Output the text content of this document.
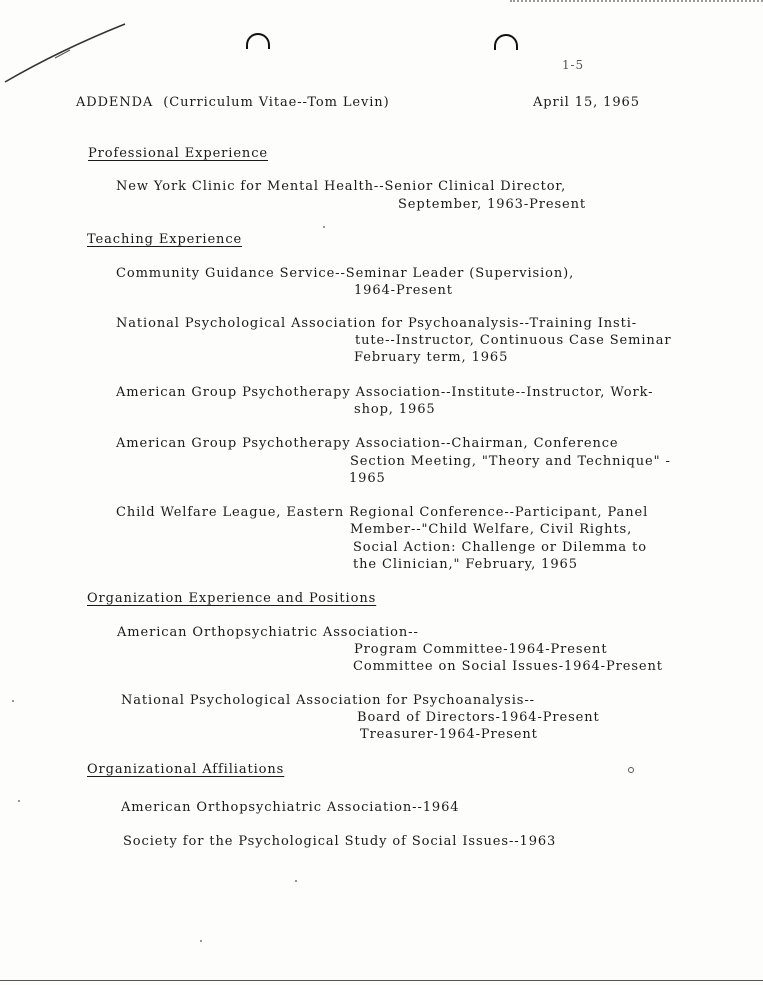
1-5
ADDENDA (Curriculum Vitae--Tom Levin)	April 15, 1965
Professional Experience
New York Clinic for Mental Health--Senior Clinical Director,
September, 1963-Present
Teaching Experience
Community Guidance Service--Seminar Leader (Supervision),
1964-Present
National Psychological Association for Psychoanalysis--Training Insti-
tute--Instructor, Continuous Case Seminar
February term, 1965
American Group Psychotherapy Association--Institute--Instructor, Work-
shop, 1965
American Group Psychotherapy Association--Chairman, Conference
Section Meeting, "Theory and Technique" -
1965
Child Welfare League, Eastern Regional Conference--Participant, Panel
Member--"Child Welfare, Civil Rights,
Social Action: Challenge or Dilemma to
the Clinician," February, 1965
Organization Experience and Positions
American Orthopsychiatric Association--
Program Committee-1964-Present
Committee on Social Issues-1964-Present
National Psychological Association for Psychoanalysis--
Board of Directors-1964-Present
Treasurer-1964-Present
Organizational Affiliations
American Orthopsychiatric Association--1964
Society for the Psychological Study of Social Issues--1963
